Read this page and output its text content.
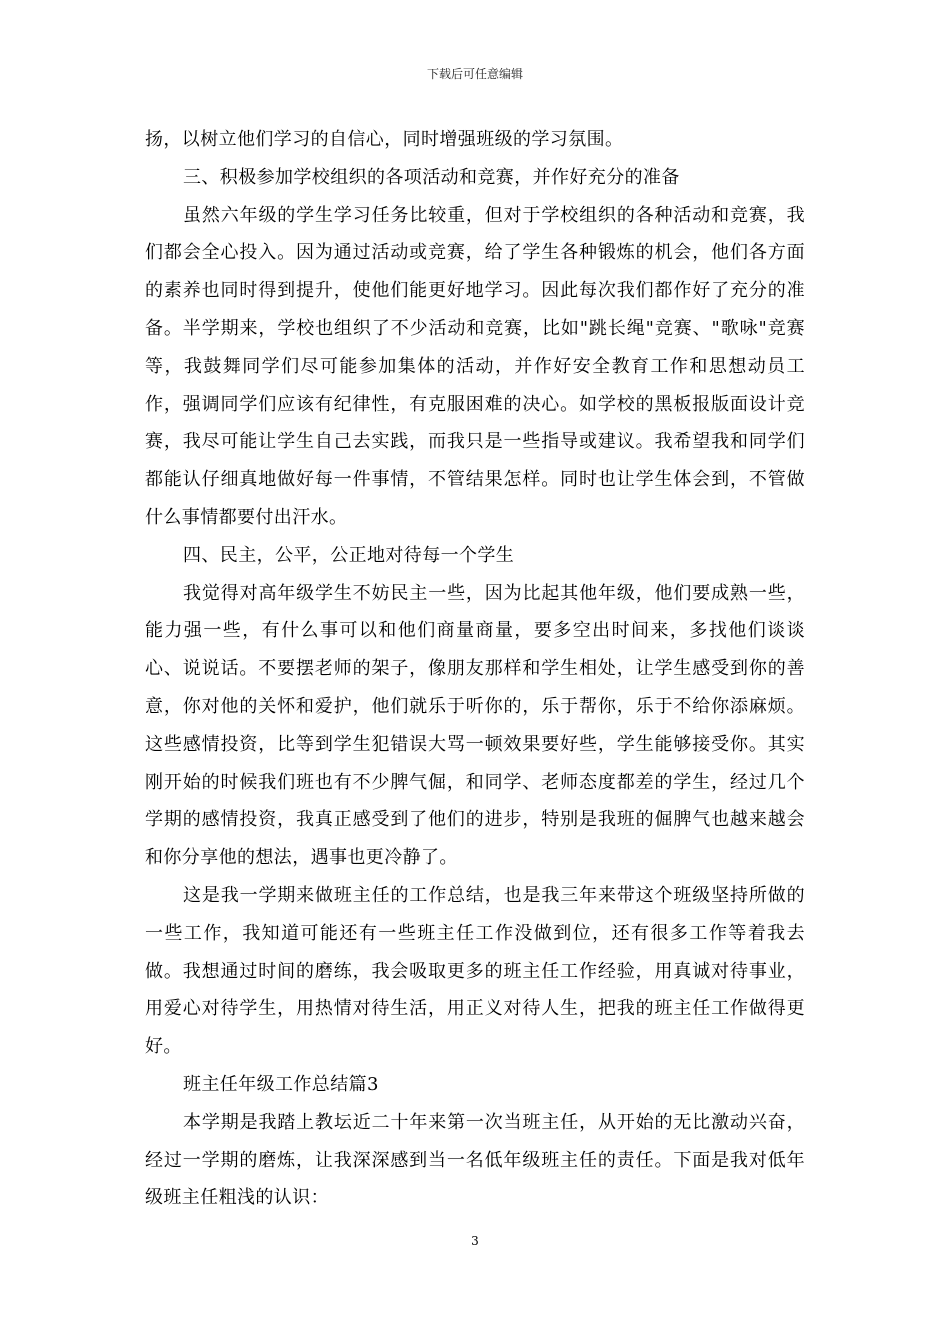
下载后可任意编辑

扬，以树立他们学习的自信心，同时增强班级的学习氛围。

三、积极参加学校组织的各项活动和竞赛，并作好充分的准备

虽然六年级的学生学习任务比较重，但对于学校组织的各种活动和竞赛，我们都会全心投入。因为通过活动或竞赛，给了学生各种锻炼的机会，他们各方面的素养也同时得到提升，使他们能更好地学习。因此每次我们都作好了充分的准备。半学期来，学校也组织了不少活动和竞赛，比如"跳长绳"竞赛、"歌咏"竞赛等，我鼓舞同学们尽可能参加集体的活动，并作好安全教育工作和思想动员工作，强调同学们应该有纪律性，有克服困难的决心。如学校的黑板报版面设计竞赛，我尽可能让学生自己去实践，而我只是一些指导或建议。我希望我和同学们都能认仔细真地做好每一件事情，不管结果怎样。同时也让学生体会到，不管做什么事情都要付出汗水。

四、民主，公平，公正地对待每一个学生

我觉得对高年级学生不妨民主一些，因为比起其他年级，他们要成熟一些，能力强一些，有什么事可以和他们商量商量，要多空出时间来，多找他们谈谈心、说说话。不要摆老师的架子，像朋友那样和学生相处，让学生感受到你的善意，你对他的关怀和爱护，他们就乐于听你的，乐于帮你，乐于不给你添麻烦。这些感情投资，比等到学生犯错误大骂一顿效果要好些，学生能够接受你。其实刚开始的时候我们班也有不少脾气倔，和同学、老师态度都差的学生，经过几个学期的感情投资，我真正感受到了他们的进步，特别是我班的倔脾气也越来越会和你分享他的想法，遇事也更冷静了。

这是我一学期来做班主任的工作总结，也是我三年来带这个班级坚持所做的一些工作，我知道可能还有一些班主任工作没做到位，还有很多工作等着我去做。我想通过时间的磨练，我会吸取更多的班主任工作经验，用真诚对待事业，用爱心对待学生，用热情对待生活，用正义对待人生，把我的班主任工作做得更好。

班主任年级工作总结篇3

本学期是我踏上教坛近二十年来第一次当班主任，从开始的无比激动兴奋，经过一学期的磨炼，让我深深感到当一名低年级班主任的责任。下面是我对低年级班主任粗浅的认识：

3
